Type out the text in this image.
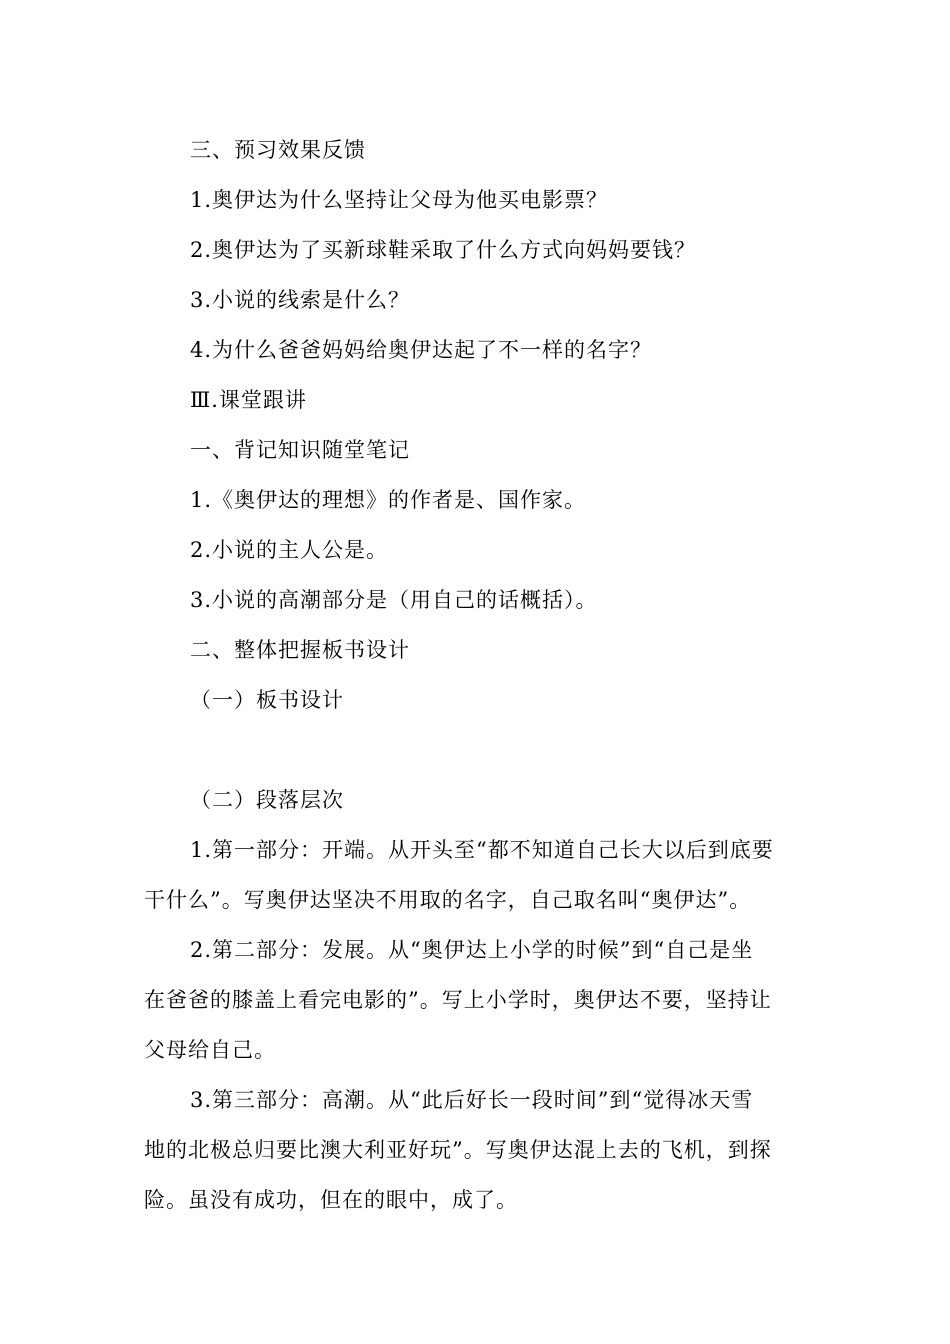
三、预习效果反馈
1.奥伊达为什么坚持让父母为他买电影票？
2.奥伊达为了买新球鞋采取了什么方式向妈妈要钱？
3.小说的线索是什么？
4.为什么爸爸妈妈给奥伊达起了不一样的名字？
Ⅲ.课堂跟讲
一、背记知识随堂笔记
1.《奥伊达的理想》的作者是、国作家。
2.小说的主人公是。
3.小说的高潮部分是（用自己的话概括）。
二、整体把握板书设计
（一）板书设计
（二）段落层次
1.第一部分：开端。从开头至“都不知道自己长大以后到底要
干什么”。写奥伊达坚决不用取的名字，自己取名叫“奥伊达”。
2.第二部分：发展。从“奥伊达上小学的时候”到“自己是坐
在爸爸的膝盖上看完电影的”。写上小学时，奥伊达不要，坚持让
父母给自己。
3.第三部分：高潮。从“此后好长一段时间”到“觉得冰天雪
地的北极总归要比澳大利亚好玩”。写奥伊达混上去的飞机，到探
险。虽没有成功，但在的眼中，成了。
